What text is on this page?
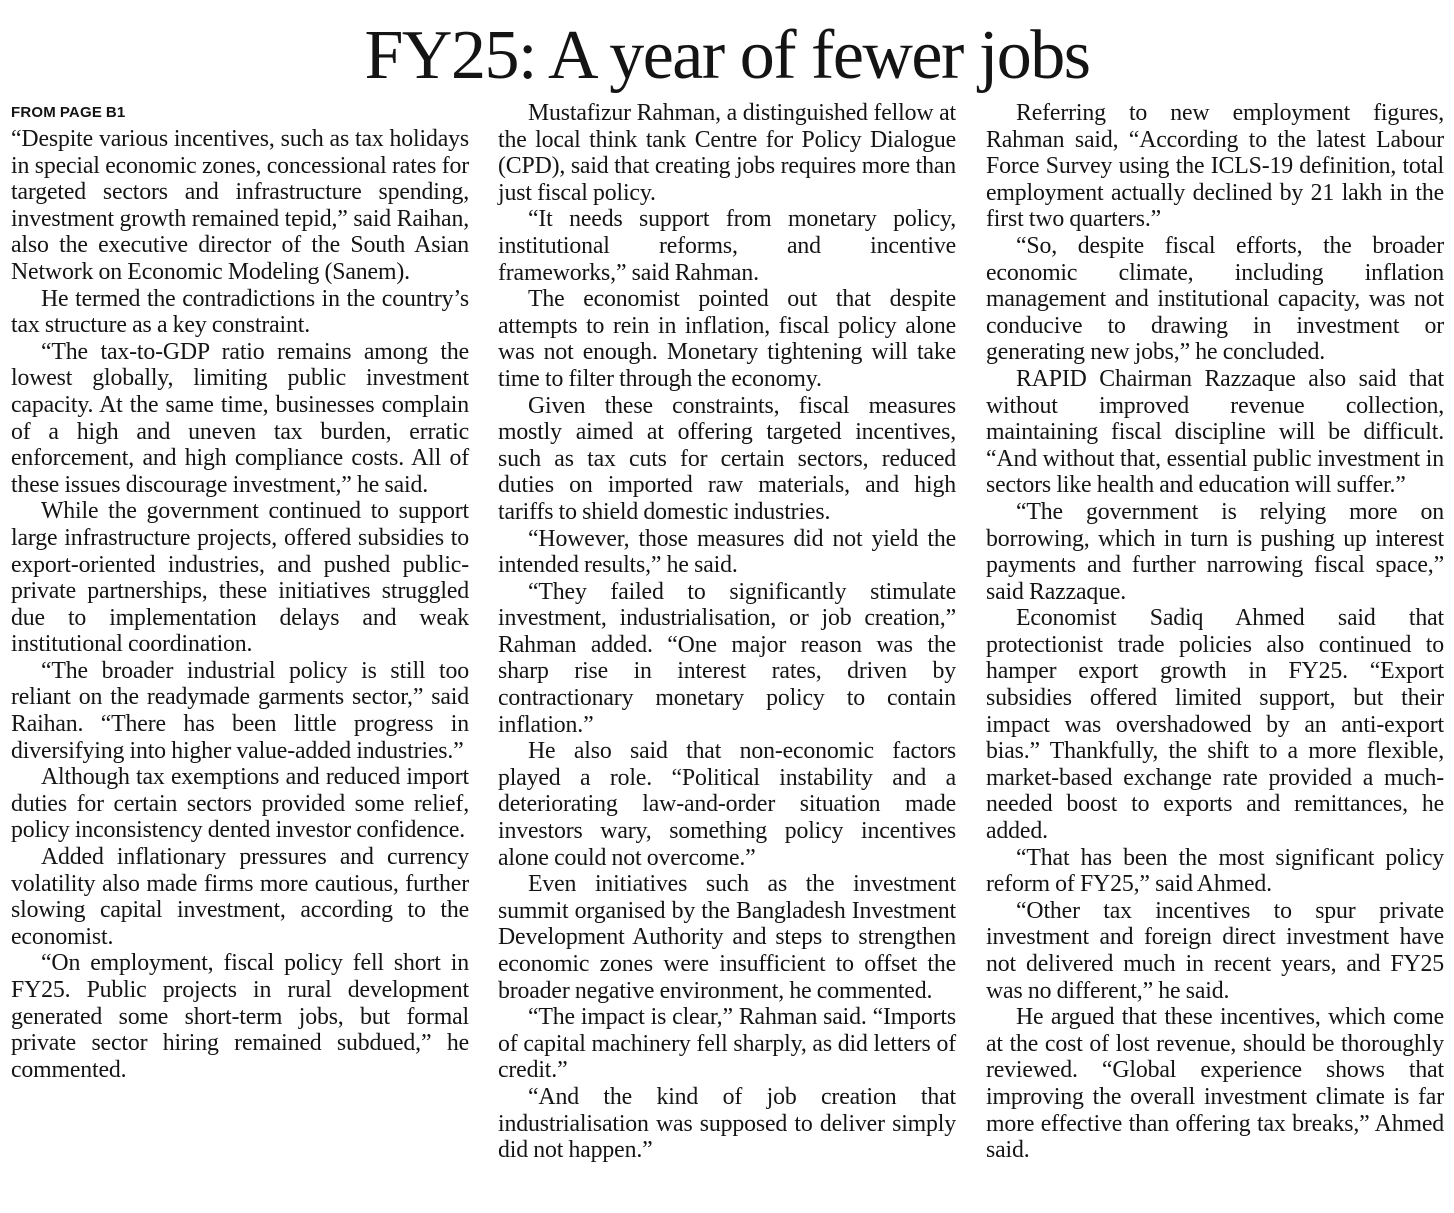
FY25: A year of fewer jobs
FROM PAGE B1

“Despite various incentives, such as tax holidays in special economic zones, concessional rates for targeted sectors and infrastructure spending, investment growth remained tepid,” said Raihan, also the executive director of the South Asian Network on Economic Modeling (Sanem).

He termed the contradictions in the country’s tax structure as a key constraint.

“The tax-to-GDP ratio remains among the lowest globally, limiting public investment capacity. At the same time, businesses complain of a high and uneven tax burden, erratic enforcement, and high compliance costs. All of these issues discourage investment,” he said.

While the government continued to support large infrastructure projects, offered subsidies to export-oriented industries, and pushed public-private partnerships, these initiatives struggled due to implementation delays and weak institutional coordination.

“The broader industrial policy is still too reliant on the readymade garments sector,” said Raihan. “There has been little progress in diversifying into higher value-added industries.”

Although tax exemptions and reduced import duties for certain sectors provided some relief, policy inconsistency dented investor confidence.

Added inflationary pressures and currency volatility also made firms more cautious, further slowing capital investment, according to the economist.

“On employment, fiscal policy fell short in FY25. Public projects in rural development generated some short-term jobs, but formal private sector hiring remained subdued,” he commented.

Mustafizur Rahman, a distinguished fellow at the local think tank Centre for Policy Dialogue (CPD), said that creating jobs requires more than just fiscal policy.

“It needs support from monetary policy, institutional reforms, and incentive frameworks,” said Rahman.

The economist pointed out that despite attempts to rein in inflation, fiscal policy alone was not enough. Monetary tightening will take time to filter through the economy.

Given these constraints, fiscal measures mostly aimed at offering targeted incentives, such as tax cuts for certain sectors, reduced duties on imported raw materials, and high tariffs to shield domestic industries.

“However, those measures did not yield the intended results,” he said.

“They failed to significantly stimulate investment, industrialisation, or job creation,” Rahman added. “One major reason was the sharp rise in interest rates, driven by contractionary monetary policy to contain inflation.”

He also said that non-economic factors played a role. “Political instability and a deteriorating law-and-order situation made investors wary, something policy incentives alone could not overcome.”

Even initiatives such as the investment summit organised by the Bangladesh Investment Development Authority and steps to strengthen economic zones were insufficient to offset the broader negative environment, he commented.

“The impact is clear,” Rahman said. “Imports of capital machinery fell sharply, as did letters of credit.”

“And the kind of job creation that industrialisation was supposed to deliver simply did not happen.”

Referring to new employment figures, Rahman said, “According to the latest Labour Force Survey using the ICLS-19 definition, total employment actually declined by 21 lakh in the first two quarters.”

“So, despite fiscal efforts, the broader economic climate, including inflation management and institutional capacity, was not conducive to drawing in investment or generating new jobs,” he concluded.

RAPID Chairman Razzaque also said that without improved revenue collection, maintaining fiscal discipline will be difficult. “And without that, essential public investment in sectors like health and education will suffer.”

“The government is relying more on borrowing, which in turn is pushing up interest payments and further narrowing fiscal space,” said Razzaque.

Economist Sadiq Ahmed said that protectionist trade policies also continued to hamper export growth in FY25. “Export subsidies offered limited support, but their impact was overshadowed by an anti-export bias.” Thankfully, the shift to a more flexible, market-based exchange rate provided a much-needed boost to exports and remittances, he added.

“That has been the most significant policy reform of FY25,” said Ahmed.

“Other tax incentives to spur private investment and foreign direct investment have not delivered much in recent years, and FY25 was no different,” he said.

He argued that these incentives, which come at the cost of lost revenue, should be thoroughly reviewed. “Global experience shows that improving the overall investment climate is far more effective than offering tax breaks,” Ahmed said.
